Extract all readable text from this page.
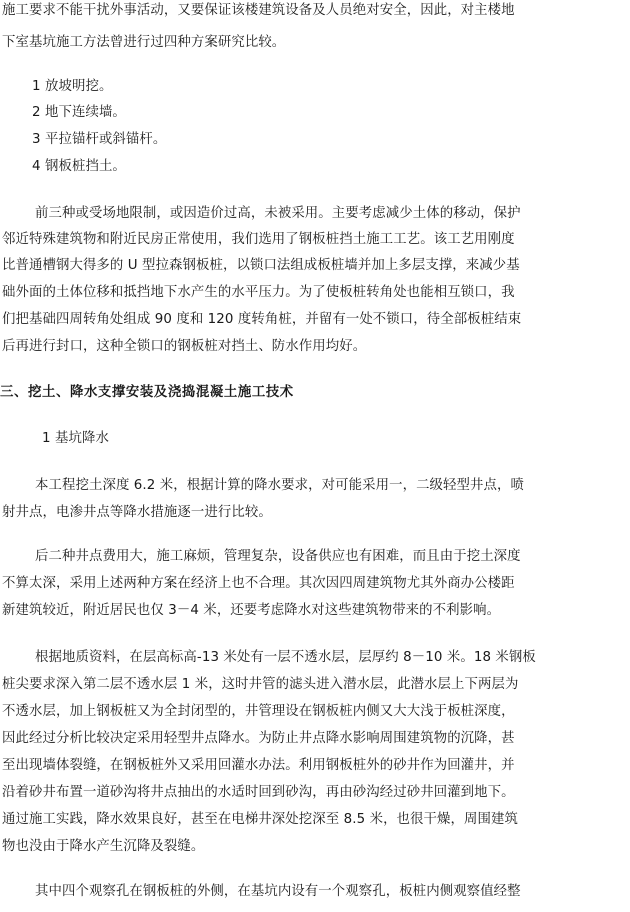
施工要求不能干扰外事活动，又要保证该楼建筑设备及人员绝对安全，因此，对主楼地
下室基坑施工方法曾进行过四种方案研究比较。
1 放坡明挖。
2 地下连续墙。
3 平拉锚杆或斜锚杆。
4 钢板桩挡土。
前三种或受场地限制，或因造价过高，未被采用。主要考虑减少土体的移动，保护
邻近特殊建筑物和附近民房正常使用，我们选用了钢板桩挡土施工工艺。该工艺用刚度
比普通槽钢大得多的 U 型拉森钢板桩，以锁口法组成板桩墙并加上多层支撑，来减少基
础外面的土体位移和抵挡地下水产生的水平压力。为了使板桩转角处也能相互锁口，我
们把基础四周转角处组成 90 度和 120 度转角桩，并留有一处不锁口，待全部板桩结束
后再进行封口，这种全锁口的钢板桩对挡土、防水作用均好。
三、挖土、降水支撑安装及浇捣混凝土施工技术
1 基坑降水
本工程挖土深度 6.2 米，根据计算的降水要求，对可能采用一，二级轻型井点，喷
射井点，电渗井点等降水措施逐一进行比较。
后二种井点费用大，施工麻烦，管理复杂，设备供应也有困难，而且由于挖土深度
不算太深，采用上述两种方案在经济上也不合理。其次因四周建筑物尤其外商办公楼距
新建筑较近，附近居民也仅 3－4 米，还要考虑降水对这些建筑物带来的不利影响。
根据地质资料，在层高标高-13 米处有一层不透水层，层厚约 8－10 米。18 米钢板
桩尖要求深入第二层不透水层 1 米，这时井管的滤头进入潜水层，此潜水层上下两层为
不透水层，加上钢板桩又为全封闭型的，井管理设在钢板桩内侧又大大浅于板桩深度，
因此经过分析比较决定采用轻型井点降水。为防止井点降水影响周围建筑物的沉降，甚
至出现墙体裂缝，在钢板桩外又采用回灌水办法。利用钢板桩外的砂井作为回灌井，并
沿着砂井布置一道砂沟将井点抽出的水适时回到砂沟，再由砂沟经过砂井回灌到地下。
通过施工实践，降水效果良好，甚至在电梯井深处挖深至 8.5 米，也很干燥，周围建筑
物也没由于降水产生沉降及裂缝。
其中四个观察孔在钢板桩的外侧，在基坑内设有一个观察孔，板桩内侧观察值经整
